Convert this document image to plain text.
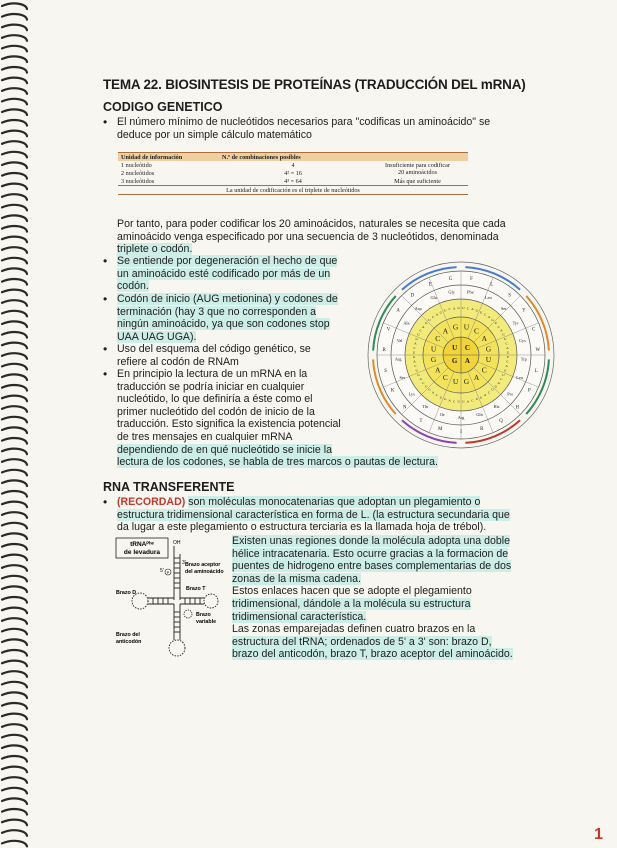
TEMA 22. BIOSINTESIS DE PROTEÍNAS (TRADUCCIÓN DEL mRNA)
CODIGO GENETICO
• El número mínimo de nucleótidos necesarios para "codificas un aminoácido" se
deduce por un simple cálculo matemático
Unidad de información	N.º de combinaciones posibles	
1 nucleótido	4	Insuficiente para codificar
20 aminoácidos
2 nucleótidos	4² = 16	
3 nucleótidos	4³ = 64	Más que suficiente
La unidad de codificación es el triplete de nucleótidos		
Por tanto, para poder codificar los 20 aminoácidos, naturales se necesita que cada
aminoácido venga especificado por una secuencia de 3 nucleótidos, denominada
triplete o codón.
• Se entiende por degeneración el hecho de que
un aminoácido esté codificado por más de un
codón.
• Codón de inicio (AUG metionina) y codones de
terminación (hay 3 que no corresponden a
ningún aminoácido, ya que son codones stop
UAA UAG UGA).
• Uso del esquema del código genético, se
refiere al codón de RNAm
• En principio la lectura de un mRNA en la
traducción se podría iniciar en cualquier
nucleótido, lo que definiría a éste como el
primer nucleótido del codón de inicio de la
traducción. Esto significa la existencia potencial
de tres mensajes en cualquier mRNA
dependiendo de en qué nucleótido se inicie la
lectura de los codones, se habla de tres marcos o pautas de lectura.
U C
A
G
U C
A
G
U
C
A
G
U
C
A
G
U
C
A G
U C A G U
C
A
G
U
C
A
G
U
C
A
G
U
C
A
G
U
C
A
G
U
C
A
G
U
C
A
G
U
C
A
G
U
C
A
G
U
C
A
G
U
C
A
G
U
C
A
G
U
C
A
G
U
C
A
G U C A G
Phe
Leu
Ser
Tyr
Cys
Trp
Leu
Pro
His
Gln
Arg
Ile
Thr
Lys
Ser
Arg
Val
Ala
Asp
Glu
Gly
F
L
S
Y
C
W
L
P
H
Q
R
I
M
T
N
K
S
R
V
A
D
E
G
RNA TRANSFERENTE
• (RECORDAD) son moléculas monocatenarias que adoptan un plegamiento o
estructura tridimensional característica en forma de L. (la estructura secundaria que
da lugar a este plegamiento o estructura terciaria es la llamada hoja de trébol).
Existen unas regiones donde la molécula adopta una doble
hélice intracatenaria. Esto ocurre gracias a la formacion de
puentes de hidrogeno entre bases complementarias de dos
zonas de la misma cadena.
Estos enlaces hacen que se adopte el plegamiento
tridimensional, dándole a la molécula su estructura
tridimensional característica.
Las zonas emparejadas definen cuatro brazos en la
estructura del tRNA; ordenados de 5' a 3' son: brazo D,
brazo del anticodón, brazo T, brazo aceptor del aminoácido.
tRNAᴾʰᵉ
de levadura
OH
5'
3'
P
Brazo aceptor
del aminoácido
Brazo T
Brazo D
Brazo
variable
Brazo del
anticodón
1
